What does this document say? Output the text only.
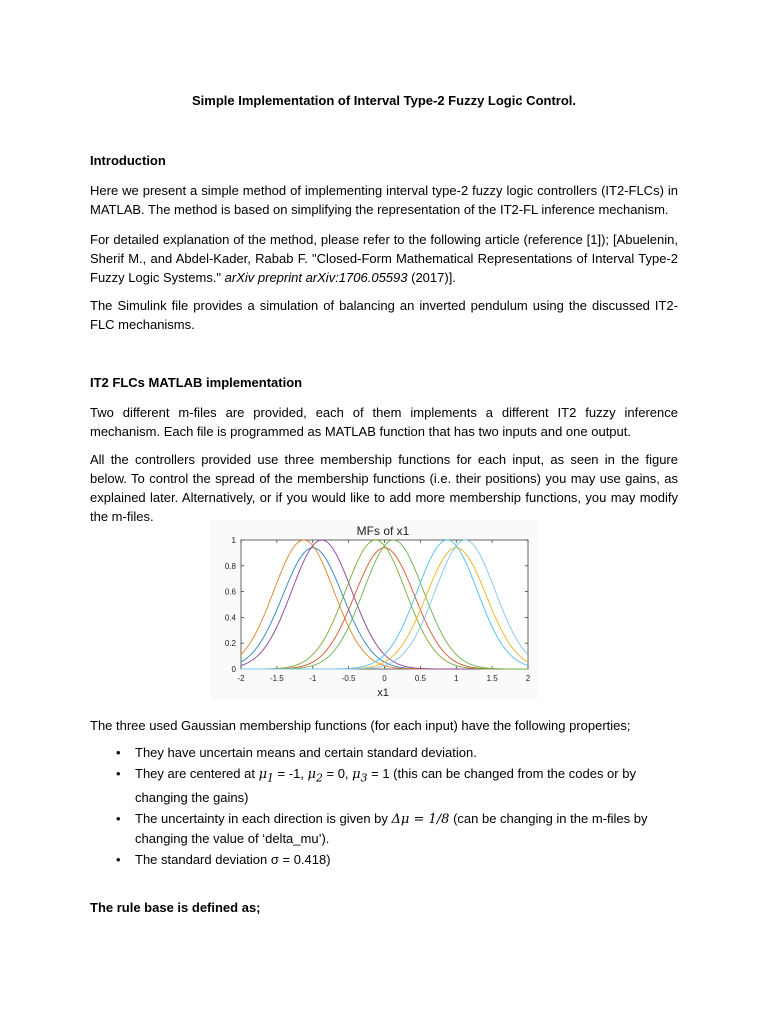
Simple Implementation of Interval Type-2 Fuzzy Logic Control.
Introduction

Here we present a simple method of implementing interval type-2 fuzzy logic controllers (IT2-FLCs) in MATLAB. The method is based on simplifying the representation of the IT2-FL inference mechanism.

For detailed explanation of the method, please refer to the following article (reference [1]); [Abuelenin, Sherif M., and Abdel-Kader, Rabab F. "Closed-Form Mathematical Representations of Interval Type-2 Fuzzy Logic Systems." arXiv preprint arXiv:1706.05593 (2017)].

The Simulink file provides a simulation of balancing an inverted pendulum using the discussed IT2-FLC mechanisms.

IT2 FLCs MATLAB implementation

Two different m-files are provided, each of them implements a different IT2 fuzzy inference mechanism. Each file is programmed as MATLAB function that has two inputs and one output.

All the controllers provided use three membership functions for each input, as seen in the figure below. To control the spread of the membership functions (i.e. their positions) you may use gains, as explained later. Alternatively, or if you would like to add more membership functions, you may modify the m-files.

MFs of x1
x1
-2	-1.5	-1	-0.5	0	0.5	1	1.5	2
0
0.2
0.4
0.6
0.8
1
The three used Gaussian membership functions (for each input) have the following properties;
• They have uncertain means and certain standard deviation.
• They are centered at $\mu_1 = -1$, $\mu_2 = 0$, $\mu_3 = 1$ (this can be changed from the codes or by changing the gains)
• The uncertainty in each direction is given by Δμ = 1/8 (can be changing in the m-files by changing the value of ‘delta_mu’).
• The standard deviation σ = 0.418)
The rule base is defined as;
